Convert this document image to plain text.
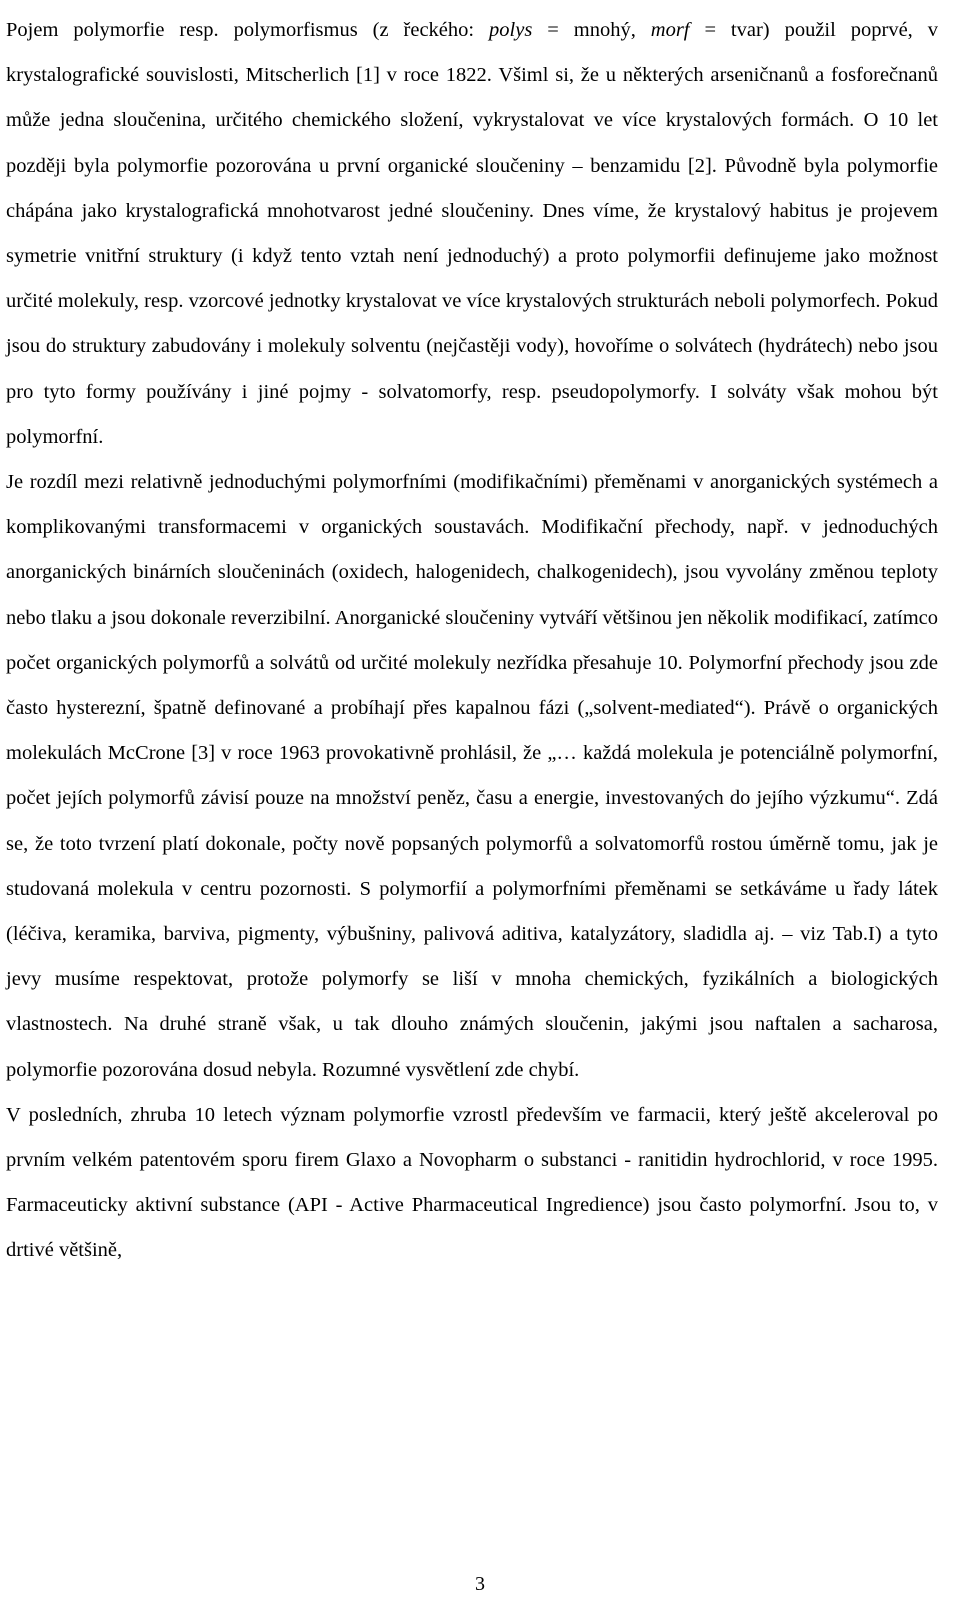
Pojem polymorfie resp. polymorfismus (z řeckého: polys = mnohý, morf = tvar) použil poprvé, v krystalografické souvislosti, Mitscherlich [1] v roce 1822. Všiml si, že u některých arseničnanů a fosforečnanů může jedna sloučenina, určitého chemického složení, vykrystalovat ve více krystalových formách. O 10 let později byla polymorfie pozorována u první organické sloučeniny – benzamidu [2]. Původně byla polymorfie chápána jako krystalografická mnohotvarost jedné sloučeniny. Dnes víme, že krystalový habitus je projevem symetrie vnitřní struktury (i když tento vztah není jednoduchý) a proto polymorfii definujeme jako možnost určité molekuly, resp. vzorcové jednotky krystalovat ve více krystalových strukturách neboli polymorfech. Pokud jsou do struktury zabudovány i molekuly solventu (nejčastěji vody), hovoříme o solvátech (hydrátech) nebo jsou pro tyto formy používány i jiné pojmy - solvatomorfy, resp. pseudopolymorfy. I solváty však mohou být polymorfní.

Je rozdíl mezi relativně jednoduchými polymorfními (modifikačními) přeměnami v anorganických systémech a komplikovanými transformacemi v organických soustavách. Modifikační přechody, např. v jednoduchých anorganických binárních sloučeninách (oxidech, halogenidech, chalkogenidech), jsou vyvolány změnou teploty nebo tlaku a jsou dokonale reverzibilní. Anorganické sloučeniny vytváří většinou jen několik modifikací, zatímco počet organických polymorfů a solvátů od určité molekuly nezřídka přesahuje 10. Polymorfní přechody jsou zde často hysterezní, špatně definované a probíhají přes kapalnou fázi („solvent-mediated“). Právě o organických molekulách McCrone [3] v roce 1963 provokativně prohlásil, že „… každá molekula je potenciálně polymorfní, počet jejích polymorfů závisí pouze na množství peněz, času a energie, investovaných do jejího výzkumu“. Zdá se, že toto tvrzení platí dokonale, počty nově popsaných polymorfů a solvatomorfů rostou úměrně tomu, jak je studovaná molekula v centru pozornosti. S polymorfií a polymorfními přeměnami se setkáváme u řady látek (léčiva, keramika, barviva, pigmenty, výbušniny, palivová aditiva, katalyzátory, sladidla aj. – viz Tab.I) a tyto jevy musíme respektovat, protože polymorfy se liší v mnoha chemických, fyzikálních a biologických vlastnostech. Na druhé straně však, u tak dlouho známých sloučenin, jakými jsou naftalen a sacharosa, polymorfie pozorována dosud nebyla. Rozumné vysvětlení zde chybí.

V posledních, zhruba 10 letech význam polymorfie vzrostl především ve farmacii, který ještě akceleroval po prvním velkém patentovém sporu firem Glaxo a Novopharm o substanci - ranitidin hydrochlorid, v roce 1995. Farmaceuticky aktivní substance (API - Active Pharmaceutical Ingredience) jsou často polymorfní. Jsou to, v drtivé většině,

3
